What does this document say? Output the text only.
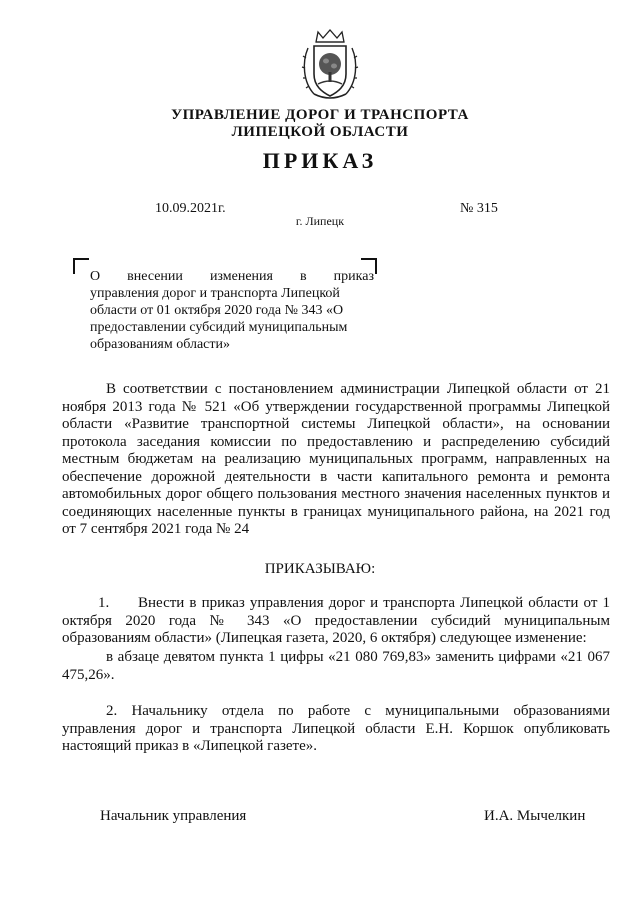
УПРАВЛЕНИЕ ДОРОГ И ТРАНСПОРТА
ЛИПЕЦКОЙ ОБЛАСТИ
ПРИКАЗ
10.09.2021г.	№ 315
г. Липецк
О внесении изменения в приказ
управления дорог и транспорта Липецкой области от 01 октября 2020 года № 343 «О предоставлении субсидий муниципальным образованиям области»
В соответствии с постановлением администрации Липецкой области от 21 ноября 2013 года № 521 «Об утверждении государственной программы Липецкой области «Развитие транспортной системы Липецкой области», на основании протокола заседания комиссии по предоставлению и распределению субсидий местным бюджетам на реализацию муниципальных программ, направленных на обеспечение дорожной деятельности в части капитального ремонта и ремонта автомобильных дорог общего пользования местного значения населенных пунктов и соединяющих населенные пункты в границах муниципального района, на 2021 год от 7 сентября 2021 года № 24
ПРИКАЗЫВАЮ:
1. Внести в приказ управления дорог и транспорта Липецкой области от 1 октября 2020 года № 343 «О предоставлении субсидий муниципальным образованиям области» (Липецкая газета, 2020, 6 октября) следующее изменение:
в абзаце девятом пункта 1 цифры «21 080 769,83» заменить цифрами «21 067 475,26».
2. Начальнику отдела по работе с муниципальными образованиями управления дорог и транспорта Липецкой области Е.Н. Коршок опубликовать настоящий приказ в «Липецкой газете».
Начальник управления	И.А. Мычелкин
